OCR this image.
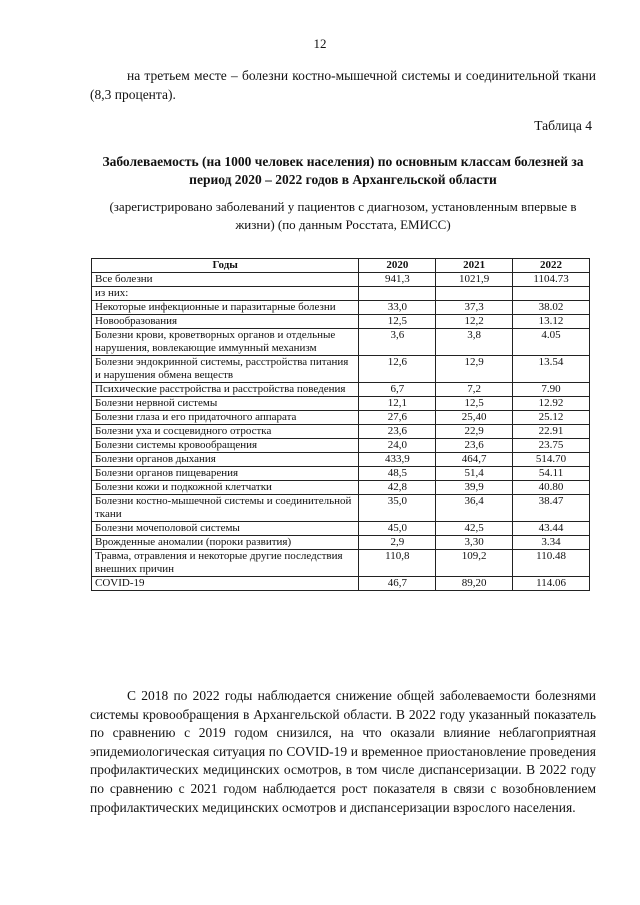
12

на третьем месте – болезни костно-мышечной системы и соединительной ткани (8,3 процента).

Таблица 4

Заболеваемость (на 1000 человек населения) по основным классам болезней за период 2020 – 2022 годов в Архангельской области

(зарегистрировано заболеваний у пациентов с диагнозом, установленным впервые в жизни) (по данным Росстата, ЕМИСС)

Годы	2020	2021	2022
Все болезни	941,3	1021,9	1104.73
из них:			
Некоторые инфекционные и паразитарные болезни	33,0	37,3	38.02
Новообразования	12,5	12,2	13.12
Болезни крови, кроветворных органов и отдельные нарушения, вовлекающие иммунный механизм	3,6	3,8	4.05
Болезни эндокринной системы, расстройства питания и нарушения обмена веществ	12,6	12,9	13.54
Психические расстройства и расстройства поведения	6,7	7,2	7.90
Болезни нервной системы	12,1	12,5	12.92
Болезни глаза и его придаточного аппарата	27,6	25,40	25.12
Болезни уха и сосцевидного отростка	23,6	22,9	22.91
Болезни системы кровообращения	24,0	23,6	23.75
Болезни органов дыхания	433,9	464,7	514.70
Болезни органов пищеварения	48,5	51,4	54.11
Болезни кожи и подкожной клетчатки	42,8	39,9	40.80
Болезни костно-мышечной системы и соединительной ткани	35,0	36,4	38.47
Болезни мочеполовой системы	45,0	42,5	43.44
Врожденные аномалии (пороки развития)	2,9	3,30	3.34
Травма, отравления и некоторые другие последствия внешних причин	110,8	109,2	110.48
COVID-19	46,7	89,20	114.06

С 2018 по 2022 годы наблюдается снижение общей заболеваемости болезнями системы кровообращения в Архангельской области. В 2022 году указанный показатель по сравнению с 2019 годом снизился, на что оказали влияние неблагоприятная эпидемиологическая ситуация по COVID-19 и временное приостановление проведения профилактических медицинских осмотров, в том числе диспансеризации. В 2022 году по сравнению с 2021 годом наблюдается рост показателя в связи с возобновлением профилактических медицинских осмотров и диспансеризации взрослого населения.
